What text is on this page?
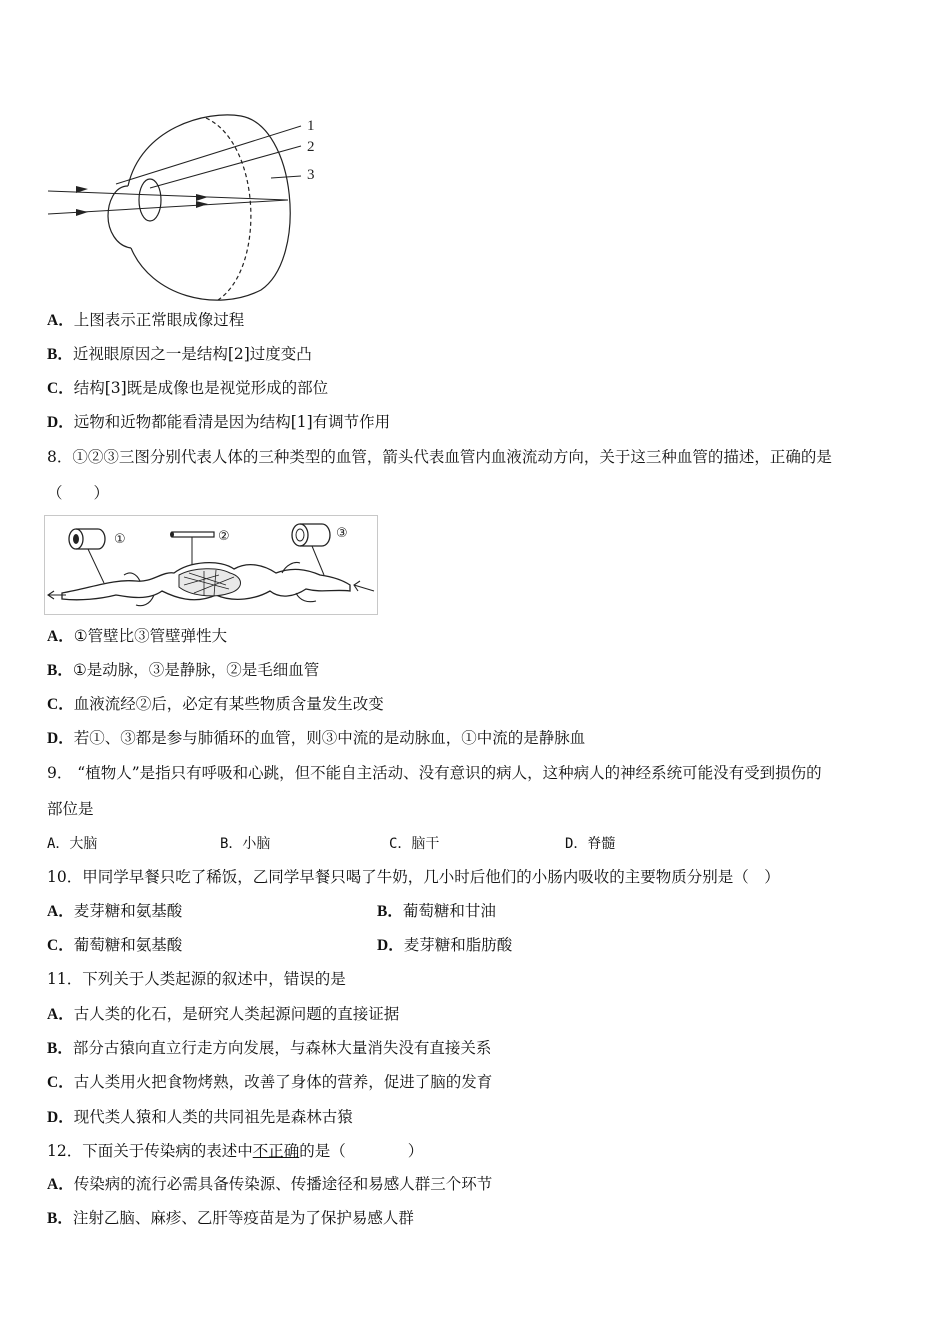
1
2
3
A．上图表示正常眼成像过程
B．近视眼原因之一是结构[2]过度变凸
C．结构[3]既是成像也是视觉形成的部位
D．远物和近物都能看清是因为结构[1]有调节作用
8．①②③三图分别代表人体的三种类型的血管，箭头代表血管内血液流动方向，关于这三种血管的描述，正确的是
（　　）
①	②	③
A．①管壁比③管壁弹性大
B．①是动脉，③是静脉，②是毛细血管
C．血液流经②后，必定有某些物质含量发生改变
D．若①、③都是参与肺循环的血管，则③中流的是动脉血，①中流的是静脉血
9． “植物人”是指只有呼吸和心跳，但不能自主活动、没有意识的病人，这种病人的神经系统可能没有受到损伤的
部位是
A．大脑	B．小脑	C．脑干	D．脊髓
10．甲同学早餐只吃了稀饭，乙同学早餐只喝了牛奶，几小时后他们的小肠内吸收的主要物质分别是（　）
A．麦芽糖和氨基酸	B．葡萄糖和甘油
C．葡萄糖和氨基酸	D．麦芽糖和脂肪酸
11．下列关于人类起源的叙述中，错误的是
A．古人类的化石，是研究人类起源问题的直接证据
B．部分古猿向直立行走方向发展，与森林大量消失没有直接关系
C．古人类用火把食物烤熟，改善了身体的营养，促进了脑的发育
D．现代类人猿和人类的共同祖先是森林古猿
12．下面关于传染病的表述中不正确的是（　　　　）
A．传染病的流行必需具备传染源、传播途径和易感人群三个环节
B．注射乙脑、麻疹、乙肝等疫苗是为了保护易感人群
